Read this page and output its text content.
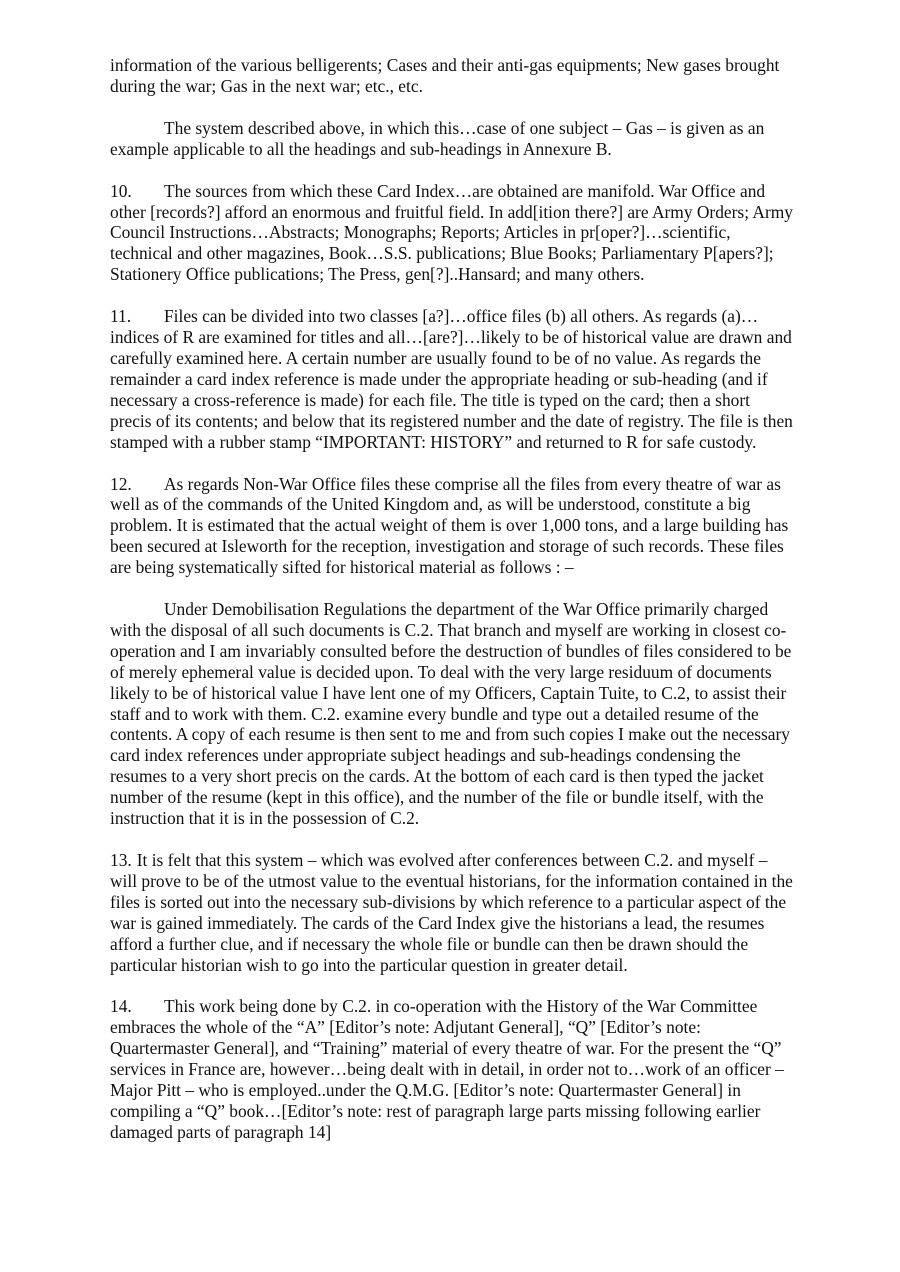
information of the various belligerents; Cases and their anti-gas equipments; New gases brought during the war; Gas in the next war; etc., etc.

The system described above, in which this…case of one subject – Gas – is given as an example applicable to all the headings and sub-headings in Annexure B.

10. The sources from which these Card Index…are obtained are manifold. War Office and other [records?] afford an enormous and fruitful field. In add[ition there?] are Army Orders; Army Council Instructions…Abstracts; Monographs; Reports; Articles in pr[oper?]…scientific, technical and other magazines, Book…S.S. publications; Blue Books; Parliamentary P[apers?]; Stationery Office publications; The Press, gen[?]..Hansard; and many others.

11. Files can be divided into two classes [a?]…office files (b) all others. As regards (a)…indices of R are examined for titles and all…[are?]…likely to be of historical value are drawn and carefully examined here. A certain number are usually found to be of no value. As regards the remainder a card index reference is made under the appropriate heading or sub-heading (and if necessary a cross-reference is made) for each file. The title is typed on the card; then a short precis of its contents; and below that its registered number and the date of registry. The file is then stamped with a rubber stamp “IMPORTANT: HISTORY” and returned to R for safe custody.

12. As regards Non-War Office files these comprise all the files from every theatre of war as well as of the commands of the United Kingdom and, as will be understood, constitute a big problem. It is estimated that the actual weight of them is over 1,000 tons, and a large building has been secured at Isleworth for the reception, investigation and storage of such records. These files are being systematically sifted for historical material as follows : –

Under Demobilisation Regulations the department of the War Office primarily charged with the disposal of all such documents is C.2. That branch and myself are working in closest co-operation and I am invariably consulted before the destruction of bundles of files considered to be of merely ephemeral value is decided upon. To deal with the very large residuum of documents likely to be of historical value I have lent one of my Officers, Captain Tuite, to C.2, to assist their staff and to work with them. C.2. examine every bundle and type out a detailed resume of the contents. A copy of each resume is then sent to me and from such copies I make out the necessary card index references under appropriate subject headings and sub-headings condensing the resumes to a very short precis on the cards. At the bottom of each card is then typed the jacket number of the resume (kept in this office), and the number of the file or bundle itself, with the instruction that it is in the possession of C.2.

13. It is felt that this system – which was evolved after conferences between C.2. and myself – will prove to be of the utmost value to the eventual historians, for the information contained in the files is sorted out into the necessary sub-divisions by which reference to a particular aspect of the war is gained immediately. The cards of the Card Index give the historians a lead, the resumes afford a further clue, and if necessary the whole file or bundle can then be drawn should the particular historian wish to go into the particular question in greater detail.

14. This work being done by C.2. in co-operation with the History of the War Committee embraces the whole of the “A” [Editor’s note: Adjutant General], “Q” [Editor’s note: Quartermaster General], and “Training” material of every theatre of war. For the present the “Q” services in France are, however…being dealt with in detail, in order not to…work of an officer – Major Pitt – who is employed..under the Q.M.G. [Editor’s note: Quartermaster General] in compiling a “Q” book…[Editor’s note: rest of paragraph large parts missing following earlier damaged parts of paragraph 14]
